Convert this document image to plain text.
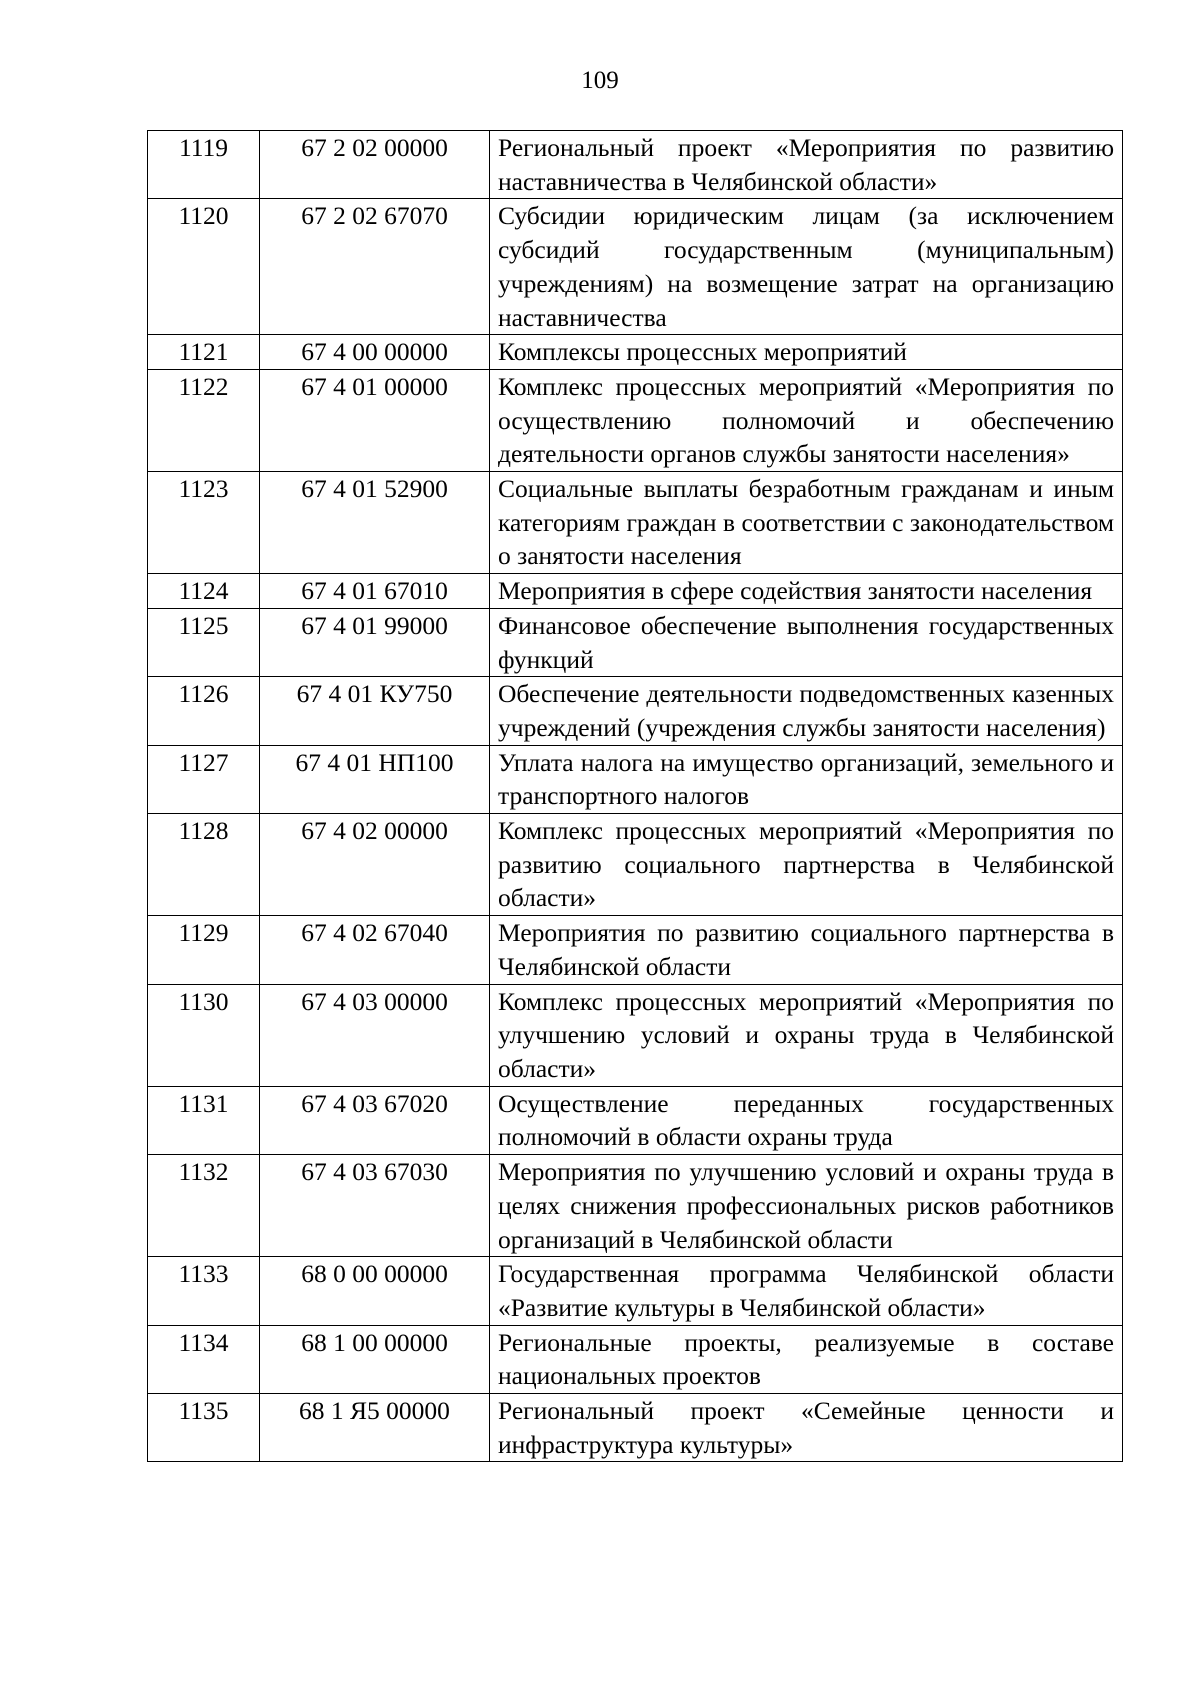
109
1119	67 2 02 00000	Региональный проект «Мероприятия по развитию наставничества в Челябинской области»
1120	67 2 02 67070	Субсидии юридическим лицам (за исключением субсидий государственным (муниципальным) учреждениям) на возмещение затрат на организацию наставничества
1121	67 4 00 00000	Комплексы процессных мероприятий
1122	67 4 01 00000	Комплекс процессных мероприятий «Мероприятия по осуществлению полномочий и обеспечению деятельности органов службы занятости населения»
1123	67 4 01 52900	Социальные выплаты безработным гражданам и иным категориям граждан в соответствии с законодательством о занятости населения
1124	67 4 01 67010	Мероприятия в сфере содействия занятости населения
1125	67 4 01 99000	Финансовое обеспечение выполнения государственных функций
1126	67 4 01 КУ750	Обеспечение деятельности подведомственных казенных учреждений (учреждения службы занятости населения)
1127	67 4 01 НП100	Уплата налога на имущество организаций, земельного и транспортного налогов
1128	67 4 02 00000	Комплекс процессных мероприятий «Мероприятия по развитию социального партнерства в Челябинской области»
1129	67 4 02 67040	Мероприятия по развитию социального партнерства в Челябинской области
1130	67 4 03 00000	Комплекс процессных мероприятий «Мероприятия по улучшению условий и охраны труда в Челябинской области»
1131	67 4 03 67020	Осуществление переданных государственных полномочий в области охраны труда
1132	67 4 03 67030	Мероприятия по улучшению условий и охраны труда в целях снижения профессиональных рисков работников организаций в Челябинской области
1133	68 0 00 00000	Государственная программа Челябинской области «Развитие культуры в Челябинской области»
1134	68 1 00 00000	Региональные проекты, реализуемые в составе национальных проектов
1135	68 1 Я5 00000	Региональный проект «Семейные ценности и инфраструктура культуры»
